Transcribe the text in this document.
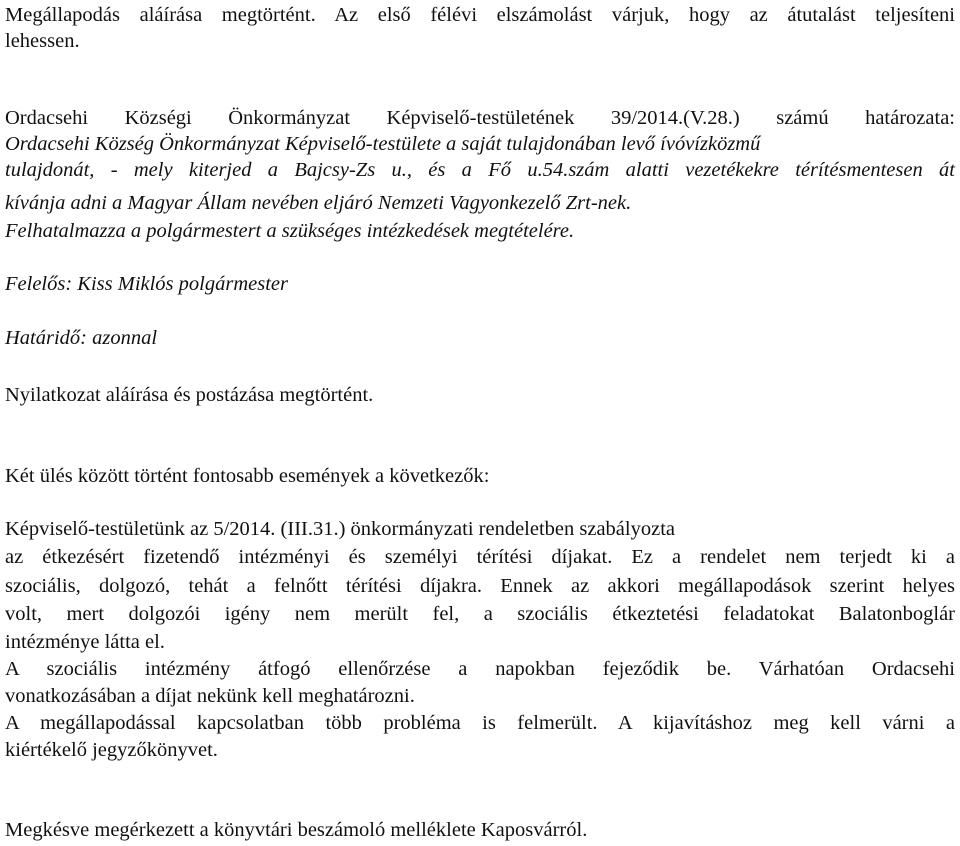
Megállapodás aláírása megtörtént. Az első félévi elszámolást várjuk, hogy az átutalást teljesíteni
lehessen.
Ordacsehi Községi Önkormányzat Képviselő-testületének 39/2014.(V.28.) számú határozata:
Ordacsehi Község Önkormányzat Képviselő-testülete a saját tulajdonában levő ívóvízközmű
tulajdonát, - mely kiterjed a Bajcsy-Zs u., és a Fő u.54.szám alatti vezetékekre térítésmentesen át
kívánja adni a Magyar Állam nevében eljáró Nemzeti Vagyonkezelő Zrt-nek.
Felhatalmazza a polgármestert a szükséges intézkedések megtételére.
Felelős: Kiss Miklós polgármester
Határidő: azonnal
Nyilatkozat aláírása és postázása megtörtént.
Két ülés között történt fontosabb események a következők:
Képviselő-testületünk az 5/2014. (III.31.) önkormányzati rendeletben szabályozta
az étkezésért fizetendő intézményi és személyi térítési díjakat. Ez a rendelet nem terjedt ki a
szociális, dolgozó, tehát a felnőtt térítési díjakra. Ennek az akkori megállapodások szerint helyes
volt, mert dolgozói igény nem merült fel, a szociális étkeztetési feladatokat Balatonboglár
intézménye látta el.
A szociális intézmény átfogó ellenőrzése a napokban fejeződik be. Várhatóan Ordacsehi
vonatkozásában a díjat nekünk kell meghatározni.
A megállapodással kapcsolatban több probléma is felmerült. A kijavításhoz meg kell várni a
kiértékelő jegyzőkönyvet.
Megkésve megérkezett a könyvtári beszámoló melléklete Kaposvárról.
